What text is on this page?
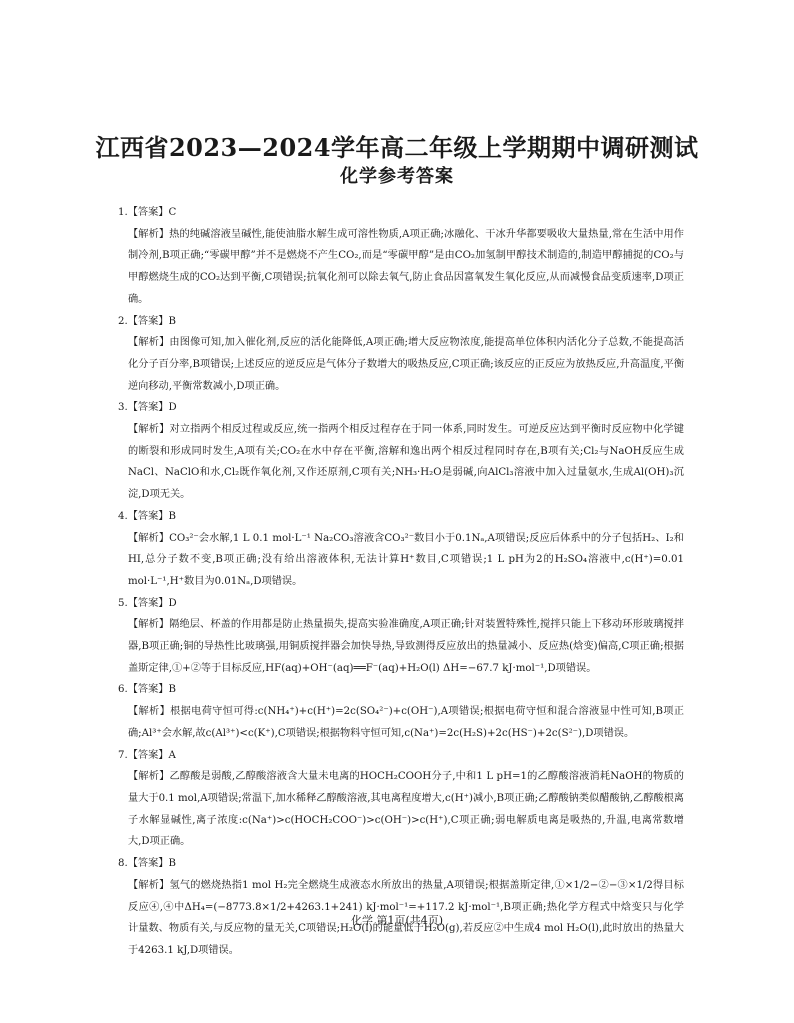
江西省2023—2024学年高二年级上学期期中调研测试
化学参考答案

1.【答案】C

【解析】热的纯碱溶液呈碱性,能使油脂水解生成可溶性物质,A项正确;冰融化、干冰升华都要吸收大量热量,常在生活中用作制冷剂,B项正确;“零碳甲醇”并不是燃烧不产生CO₂,而是“零碳甲醇”是由CO₂加氢制甲醇技术制造的,制造甲醇捕捉的CO₂与甲醇燃烧生成的CO₂达到平衡,C项错误;抗氧化剂可以除去氧气,防止食品因富氧发生氧化反应,从而减慢食品变质速率,D项正确。

2.【答案】B

【解析】由图像可知,加入催化剂,反应的活化能降低,A项正确;增大反应物浓度,能提高单位体积内活化分子总数,不能提高活化分子百分率,B项错误;上述反应的逆反应是气体分子数增大的吸热反应,C项正确;该反应的正反应为放热反应,升高温度,平衡逆向移动,平衡常数减小,D项正确。

3.【答案】D

【解析】对立指两个相反过程或反应,统一指两个相反过程存在于同一体系,同时发生。可逆反应达到平衡时反应物中化学键的断裂和形成同时发生,A项有关;CO₂在水中存在平衡,溶解和逸出两个相反过程同时存在,B项有关;Cl₂与NaOH反应生成NaCl、NaClO和水,Cl₂既作氧化剂,又作还原剂,C项有关;NH₃·H₂O是弱碱,向AlCl₃溶液中加入过量氨水,生成Al(OH)₃沉淀,D项无关。

4.【答案】B

【解析】CO₃²⁻会水解,1 L 0.1 mol·L⁻¹ Na₂CO₃溶液含CO₃²⁻数目小于0.1Nₐ,A项错误;反应后体系中的分子包括H₂、I₂和HI,总分子数不变,B项正确;没有给出溶液体积,无法计算H⁺数目,C项错误;1 L pH为2的H₂SO₄溶液中,c(H⁺)=0.01 mol·L⁻¹,H⁺数目为0.01Nₐ,D项错误。

5.【答案】D

【解析】隔绝层、杯盖的作用都是防止热量损失,提高实验准确度,A项正确;针对装置特殊性,搅拌只能上下移动环形玻璃搅拌器,B项正确;铜的导热性比玻璃强,用铜质搅拌器会加快导热,导致测得反应放出的热量减小、反应热(焓变)偏高,C项正确;根据盖斯定律,①+②等于目标反应,HF(aq)+OH⁻(aq)══F⁻(aq)+H₂O(l) ΔH=−67.7 kJ·mol⁻¹,D项错误。

6.【答案】B

【解析】根据电荷守恒可得:c(NH₄⁺)+c(H⁺)=2c(SO₄²⁻)+c(OH⁻),A项错误;根据电荷守恒和混合溶液显中性可知,B项正确;Al³⁺会水解,故c(Al³⁺)<c(K⁺),C项错误;根据物料守恒可知,c(Na⁺)=2c(H₂S)+2c(HS⁻)+2c(S²⁻),D项错误。

7.【答案】A

【解析】乙醇酸是弱酸,乙醇酸溶液含大量未电离的HOCH₂COOH分子,中和1 L pH=1的乙醇酸溶液消耗NaOH的物质的量大于0.1 mol,A项错误;常温下,加水稀释乙醇酸溶液,其电离程度增大,c(H⁺)减小,B项正确;乙醇酸钠类似醋酸钠,乙醇酸根离子水解显碱性,离子浓度:c(Na⁺)>c(HOCH₂COO⁻)>c(OH⁻)>c(H⁺),C项正确;弱电解质电离是吸热的,升温,电离常数增大,D项正确。

8.【答案】B

【解析】氢气的燃烧热指1 mol H₂完全燃烧生成液态水所放出的热量,A项错误;根据盖斯定律,①×1/2−②−③×1/2得目标反应④,④中ΔH₄=(−8773.8×1/2+4263.1+241) kJ·mol⁻¹=+117.2 kJ·mol⁻¹,B项正确;热化学方程式中焓变只与化学计量数、物质有关,与反应物的量无关,C项错误;H₂O(l)的能量低于H₂O(g),若反应②中生成4 mol H₂O(l),此时放出的热量大于4263.1 kJ,D项错误。

化学 第1页(共4页)
